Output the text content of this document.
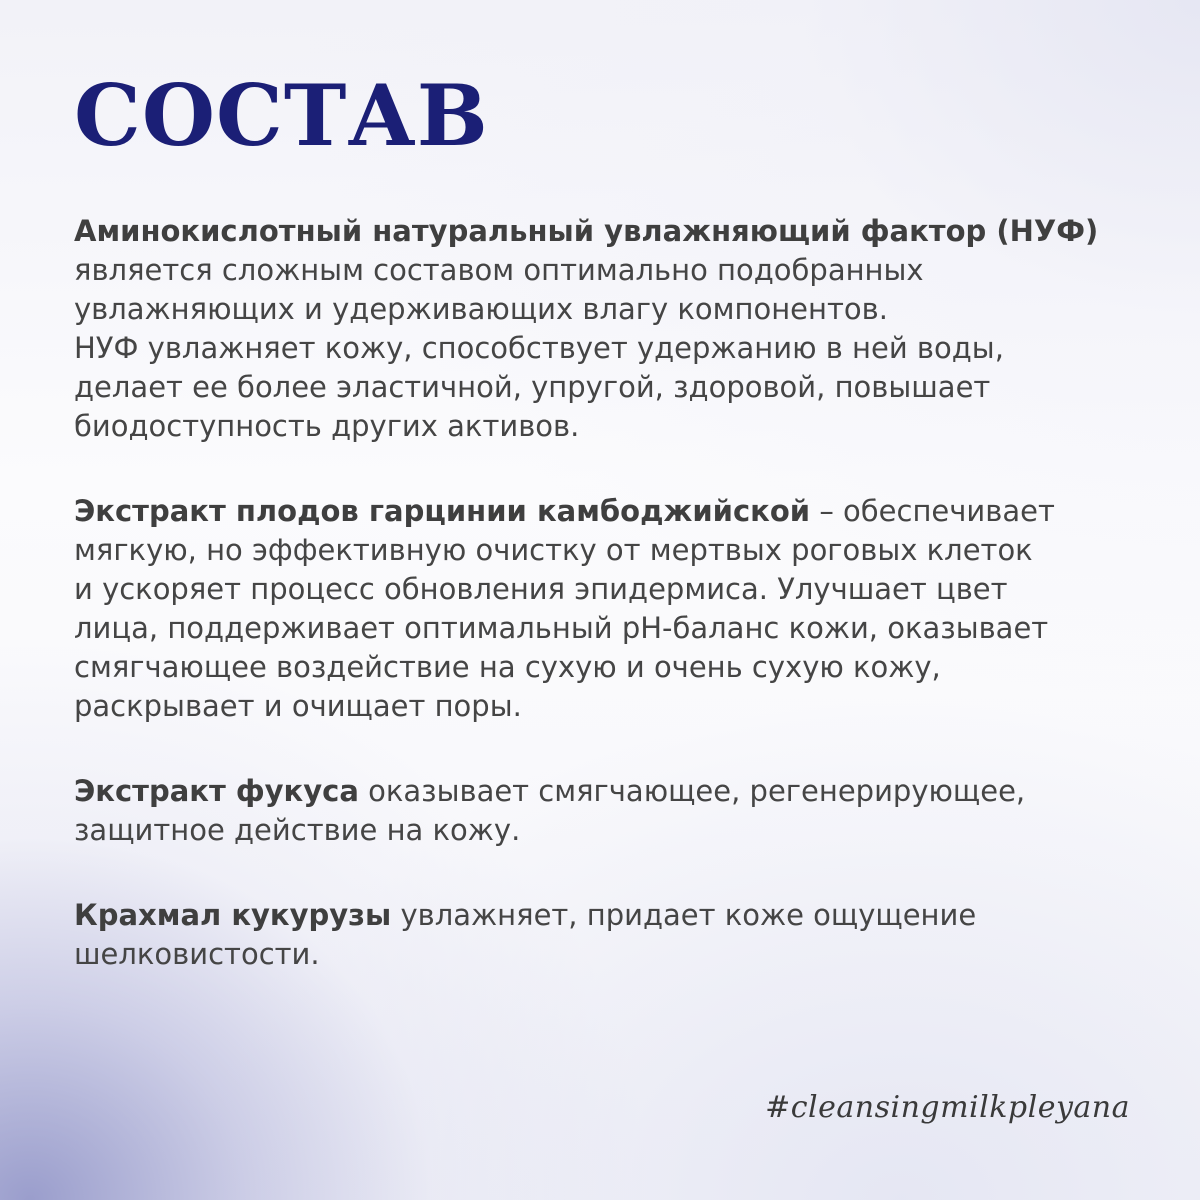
СОСТАВ

Аминокислотный натуральный увлажняющий фактор (НУФ)
является сложным составом оптимально подобранных
увлажняющих и удерживающих влагу компонентов.
НУФ увлажняет кожу, способствует удержанию в ней воды,
делает ее более эластичной, упругой, здоровой, повышает
биодоступность других активов.

Экстракт плодов гарцинии камбоджийской – обеспечивает
мягкую, но эффективную очистку от мертвых роговых клеток
и ускоряет процесс обновления эпидермиса. Улучшает цвет
лица, поддерживает оптимальный pH-баланс кожи, оказывает
смягчающее воздействие на сухую и очень сухую кожу,
раскрывает и очищает поры.

Экстракт фукуса оказывает смягчающее, регенерирующее,
защитное действие на кожу.

Крахмал кукурузы увлажняет, придает коже ощущение
шелковистости.

#cleansingmilkpleyana
